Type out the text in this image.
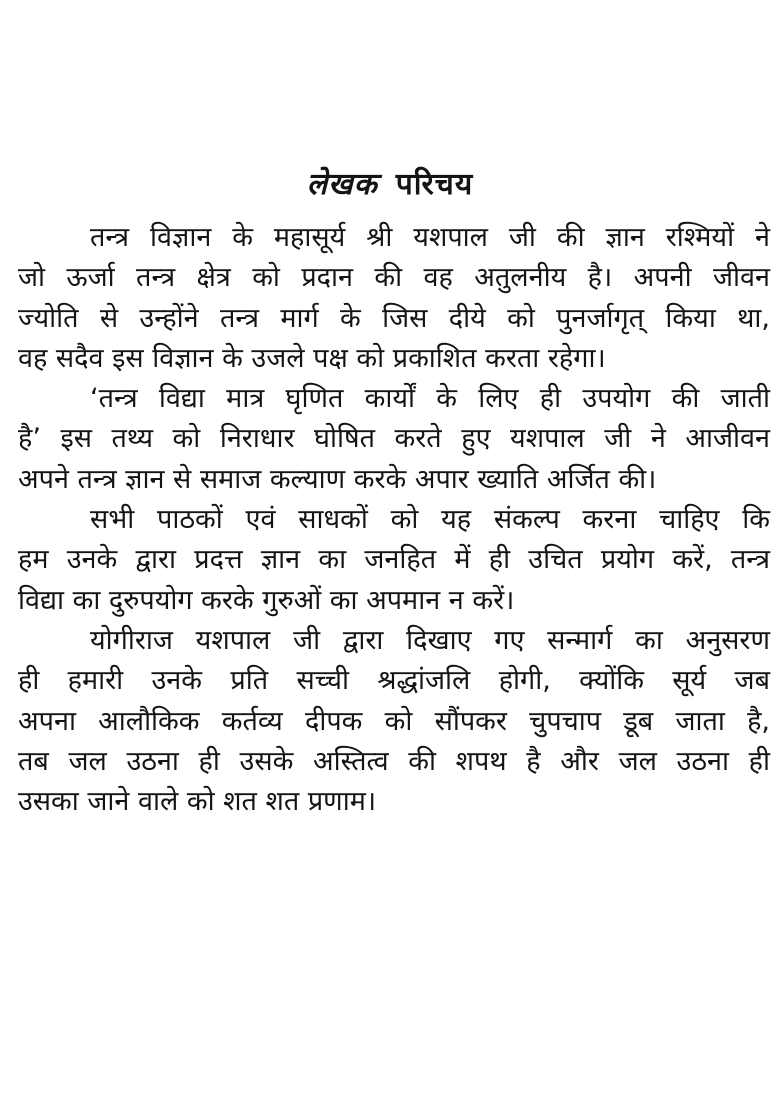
लेखक परिचय
तन्त्र विज्ञान के महासूर्य श्री यशपाल जी की ज्ञान रश्मियों ने
जो ऊर्जा तन्त्र क्षेत्र को प्रदान की वह अतुलनीय है। अपनी जीवन
ज्योति से उन्होंने तन्त्र मार्ग के जिस दीये को पुनर्जागृत् किया था,
वह सदैव इस विज्ञान के उजले पक्ष को प्रकाशित करता रहेगा।
‘तन्त्र विद्या मात्र घृणित कार्यों के लिए ही उपयोग की जाती
है’ इस तथ्य को निराधार घोषित करते हुए यशपाल जी ने आजीवन
अपने तन्त्र ज्ञान से समाज कल्याण करके अपार ख्याति अर्जित की।
सभी पाठकों एवं साधकों को यह संकल्प करना चाहिए कि
हम उनके द्वारा प्रदत्त ज्ञान का जनहित में ही उचित प्रयोग करें, तन्त्र
विद्या का दुरुपयोग करके गुरुओं का अपमान न करें।
योगीराज यशपाल जी द्वारा दिखाए गए सन्मार्ग का अनुसरण
ही हमारी उनके प्रति सच्ची श्रद्धांजलि होगी, क्योंकि सूर्य जब
अपना आलौकिक कर्तव्य दीपक को सौंपकर चुपचाप डूब जाता है,
तब जल उठना ही उसके अस्तित्व की शपथ है और जल उठना ही
उसका जाने वाले को शत शत प्रणाम।
